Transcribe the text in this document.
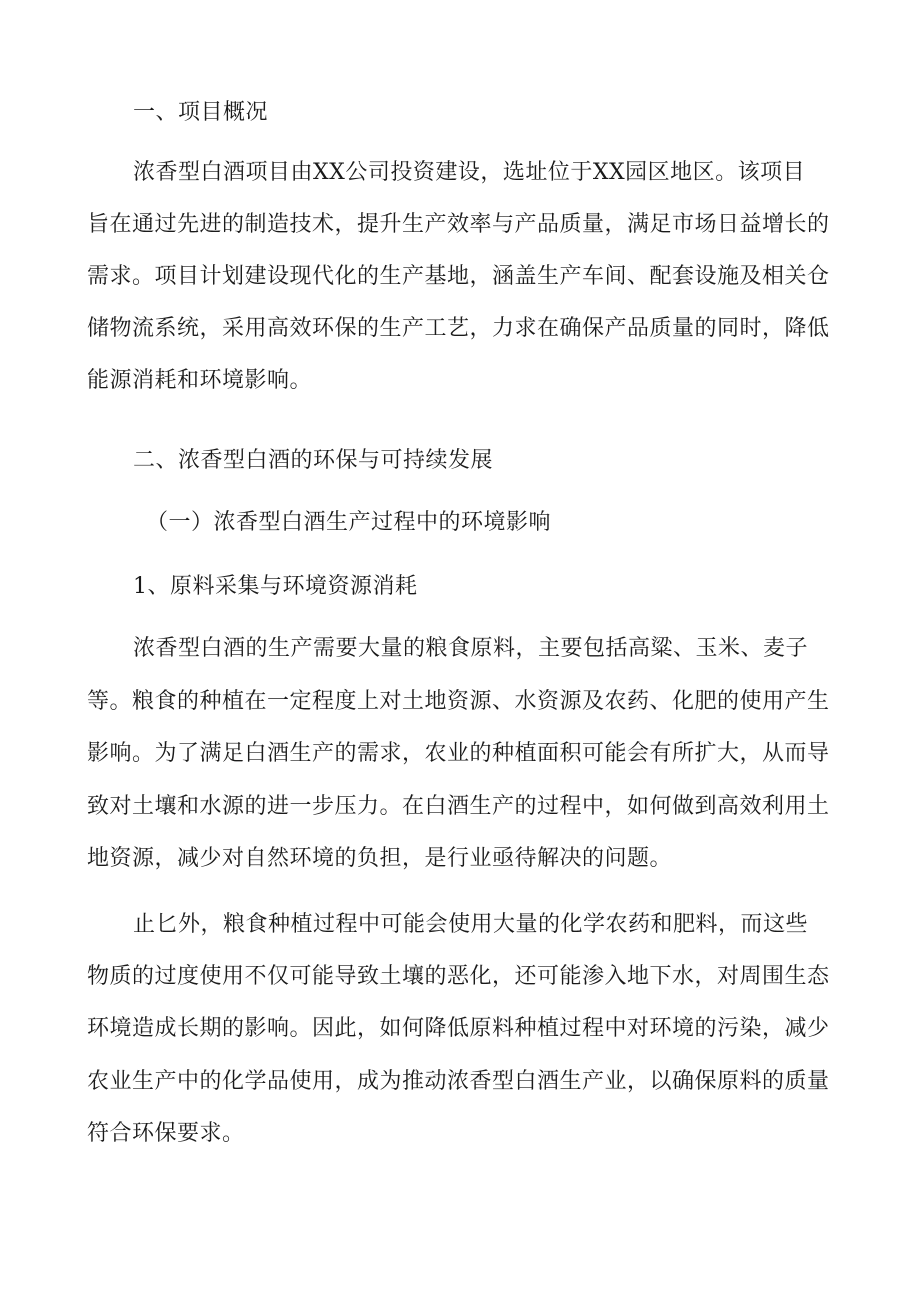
一、项目概况
浓香型白酒项目由XX公司投资建设，选址位于XX园区地区。该项目
旨在通过先进的制造技术，提升生产效率与产品质量，满足市场日益增长的
需求。项目计划建设现代化的生产基地，涵盖生产车间、配套设施及相关仓
储物流系统，采用高效环保的生产工艺，力求在确保产品质量的同时，降低
能源消耗和环境影响。
二、浓香型白酒的环保与可持续发展
（一）浓香型白酒生产过程中的环境影响
1、原料采集与环境资源消耗
浓香型白酒的生产需要大量的粮食原料，主要包括高粱、玉米、麦子
等。粮食的种植在一定程度上对土地资源、水资源及农药、化肥的使用产生
影响。为了满足白酒生产的需求，农业的种植面积可能会有所扩大，从而导
致对土壤和水源的进一步压力。在白酒生产的过程中，如何做到高效利用土
地资源，减少对自然环境的负担，是行业亟待解决的问题。
止匕外，粮食种植过程中可能会使用大量的化学农药和肥料，而这些
物质的过度使用不仅可能导致土壤的恶化，还可能渗入地下水，对周围生态
环境造成长期的影响。因此，如何降低原料种植过程中对环境的污染，减少
农业生产中的化学品使用，成为推动浓香型白酒生产业，以确保原料的质量
符合环保要求。
